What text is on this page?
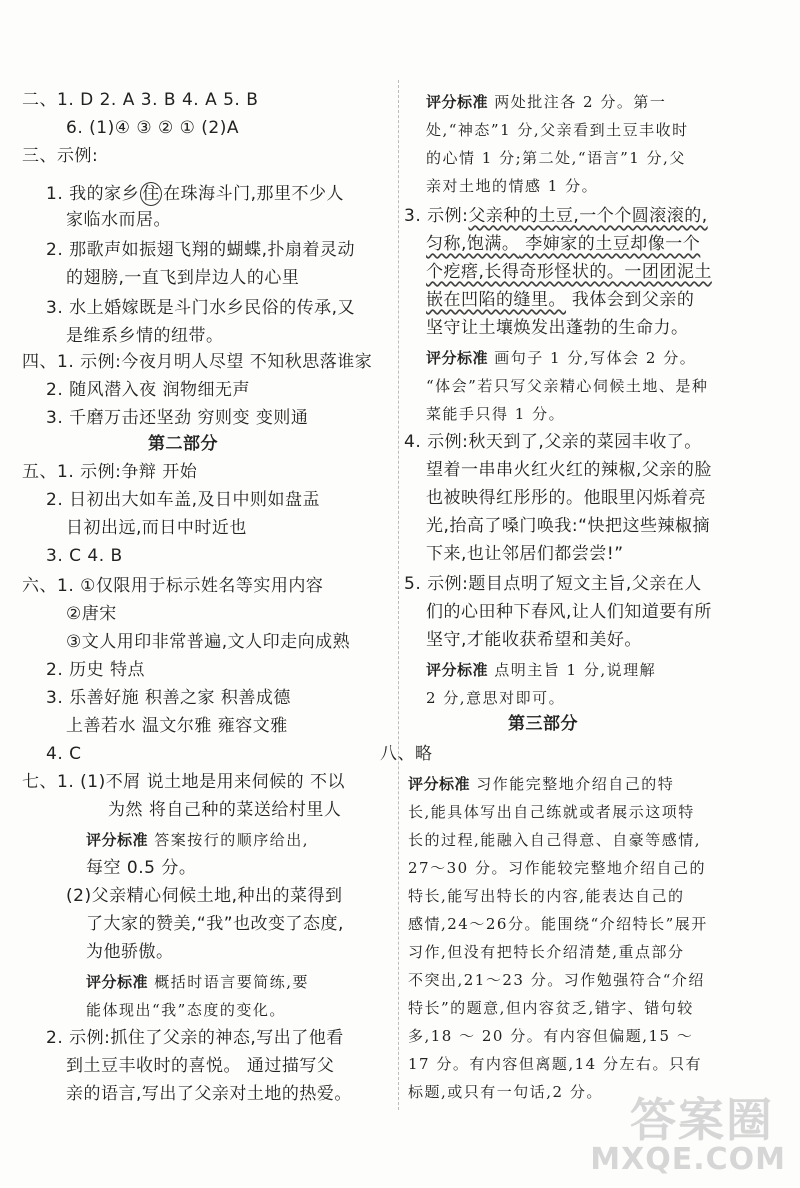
二、1. D 2. A 3. B 4. A 5. B
6. (1)④ ③ ② ① (2)A
三、示例:
1. 我的家乡 住 在珠海斗门,那里不少人
家临水而居。
2. 那歌声如振翅飞翔的蝴蝶,扑扇着灵动
的翅膀,一直飞到岸边人的心里
3. 水上婚嫁既是斗门水乡民俗的传承,又
是维系乡情的纽带。
四、1. 示例:今夜月明人尽望 不知秋思落谁家
2. 随风潜入夜 润物细无声
3. 千磨万击还坚劲 穷则变 变则通
第二部分
五、1. 示例:争辩 开始
2. 日初出大如车盖,及日中则如盘盂
日初出远,而日中时近也
3. C 4. B
六、1. ①仅限用于标示姓名等实用内容
②唐宋
③文人用印非常普遍,文人印走向成熟
2. 历史 特点
3. 乐善好施 积善之家 积善成德
上善若水 温文尔雅 雍容文雅
4. C
七、1. (1)不屑 说土地是用来伺候的 不以
为然 将自己种的菜送给村里人
评分标准 答案按行的顺序给出,
每空 0.5 分。
(2)父亲精心伺候土地,种出的菜得到
了大家的赞美,“我”也改变了态度,
为他骄傲。
评分标准 概括时语言要简练,要
能体现出“我”态度的变化。
2. 示例:抓住了父亲的神态,写出了他看
到土豆丰收时的喜悦。 通过描写父
亲的语言,写出了父亲对土地的热爱。
评分标准 两处批注各 2 分。第一
处,“神态”1 分,父亲看到土豆丰收时
的心情 1 分;第二处,“语言”1 分,父
亲对土地的情感 1 分。
3. 示例:父亲种的土豆,一个个圆滚滚的,
匀称,饱满。 李婶家的土豆却像一个
个疙瘩,长得奇形怪状的。一团团泥土
嵌在凹陷的缝里。 我体会到父亲的
坚守让土壤焕发出蓬勃的生命力。
评分标准 画句子 1 分,写体会 2 分。
“体会”若只写父亲精心伺候土地、是种
菜能手只得 1 分。
4. 示例:秋天到了,父亲的菜园丰收了。
望着一串串火红火红的辣椒,父亲的脸
也被映得红彤彤的。他眼里闪烁着亮
光,抬高了嗓门唤我:“快把这些辣椒摘
下来,也让邻居们都尝尝!”
5. 示例:题目点明了短文主旨,父亲在人
们的心田种下春风,让人们知道要有所
坚守,才能收获希望和美好。
评分标准 点明主旨 1 分,说理解
2 分,意思对即可。
第三部分
八、略
评分标准 习作能完整地介绍自己的特
长,能具体写出自己练就或者展示这项特
长的过程,能融入自己得意、自豪等感情,
27～30 分。习作能较完整地介绍自己的
特长,能写出特长的内容,能表达自己的
感情,24～26分。能围绕“介绍特长”展开
习作,但没有把特长介绍清楚,重点部分
不突出,21～23 分。习作勉强符合“介绍
特长”的题意,但内容贫乏,错字、错句较
多,18 ～ 20 分。有内容但偏题,15 ～
17 分。有内容但离题,14 分左右。只有
标题,或只有一句话,2 分。
答案圈
MXQE.COM
